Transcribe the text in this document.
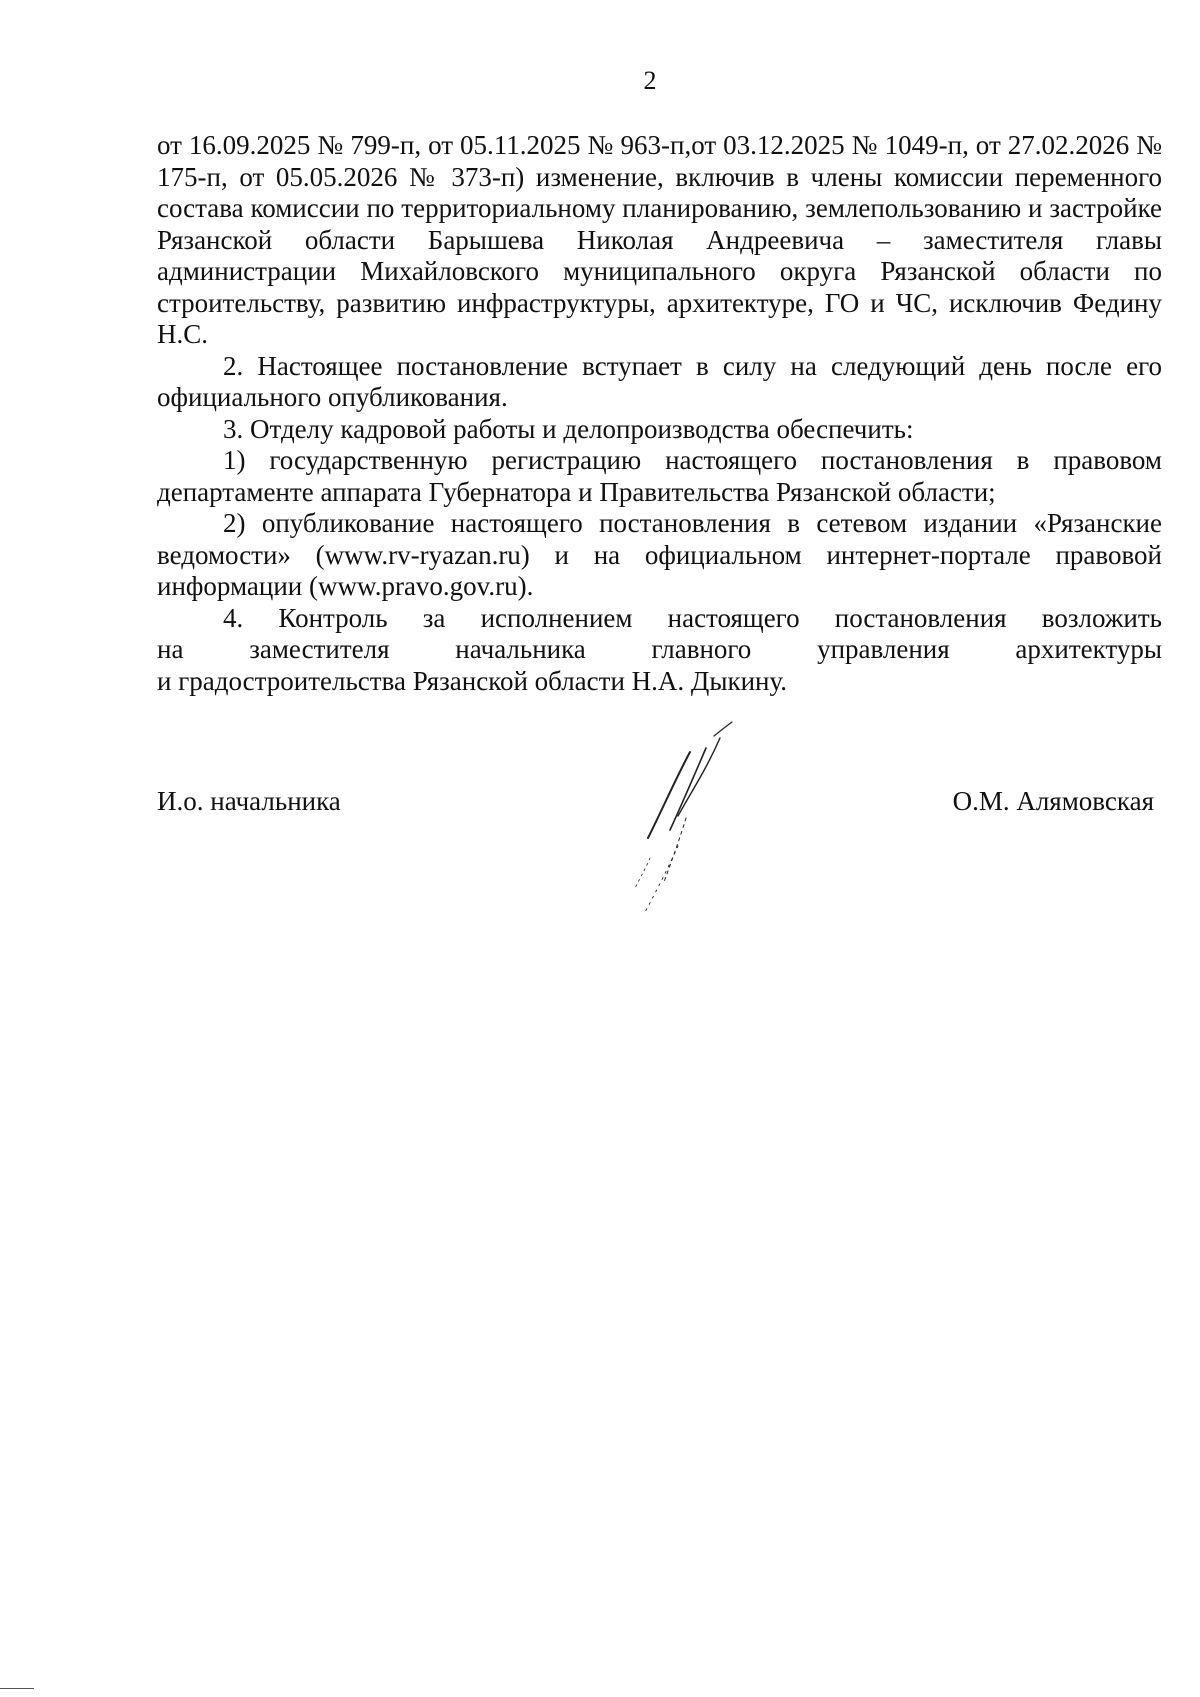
2

от 16.09.2025 № 799-п, от 05.11.2025 № 963-п,от 03.12.2025 № 1049-п, от 27.02.2026 № 175-п, от 05.05.2026 № 373-п) изменение, включив в члены комиссии переменного состава комиссии по территориальному планированию, землепользованию и застройке Рязанской области Барышева Николая Андреевича – заместителя главы администрации Михайловского муниципального округа Рязанской области по строительству, развитию инфраструктуры, архитектуре, ГО и ЧС, исключив Федину Н.С.

2. Настоящее постановление вступает в силу на следующий день после его официального опубликования.

3. Отделу кадровой работы и делопроизводства обеспечить:

1) государственную регистрацию настоящего постановления в правовом департаменте аппарата Губернатора и Правительства Рязанской области;

2) опубликование настоящего постановления в сетевом издании «Рязанские ведомости» (www.rv-ryazan.ru) и на официальном интернет-портале правовой информации (www.pravo.gov.ru).

4. Контроль за исполнением настоящего постановления возложить

на заместителя начальника главного управления архитектуры

и градостроительства Рязанской области Н.А. Дыкину.

И.о. начальника	О.М. Алямовская
